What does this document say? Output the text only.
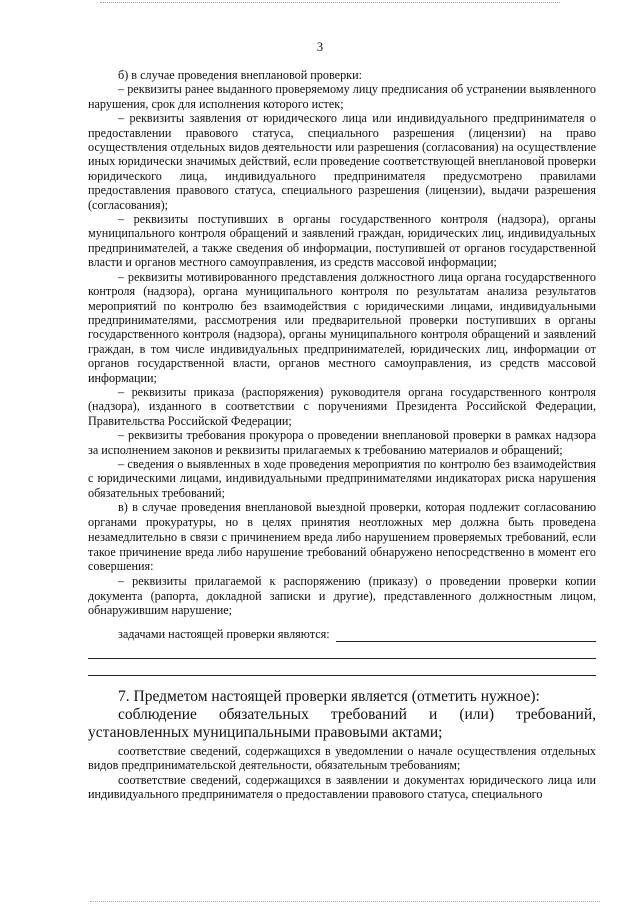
3

б) в случае проведения внеплановой проверки:

– реквизиты ранее выданного проверяемому лицу предписания об устранении выявленного нарушения, срок для исполнения которого истек;

– реквизиты заявления от юридического лица или индивидуального предпринимателя о предоставлении правового статуса, специального разрешения (лицензии) на право осуществления отдельных видов деятельности или разрешения (согласования) на осуществление иных юридически значимых действий, если проведение соответствующей внеплановой проверки юридического лица, индивидуального предпринимателя предусмотрено правилами предоставления правового статуса, специального разрешения (лицензии), выдачи разрешения (согласования);

– реквизиты поступивших в органы государственного контроля (надзора), органы муниципального контроля обращений и заявлений граждан, юридических лиц, индивидуальных предпринимателей, а также сведения об информации, поступившей от органов государственной власти и органов местного самоуправления, из средств массовой информации;

– реквизиты мотивированного представления должностного лица органа государственного контроля (надзора), органа муниципального контроля по результатам анализа результатов мероприятий по контролю без взаимодействия с юридическими лицами, индивидуальными предпринимателями, рассмотрения или предварительной проверки поступивших в органы государственного контроля (надзора), органы муниципального контроля обращений и заявлений граждан, в том числе индивидуальных предпринимателей, юридических лиц, информации от органов государственной власти, органов местного самоуправления, из средств массовой информации;

– реквизиты приказа (распоряжения) руководителя органа государственного контроля (надзора), изданного в соответствии с поручениями Президента Российской Федерации, Правительства Российской Федерации;

– реквизиты требования прокурора о проведении внеплановой проверки в рамках надзора за исполнением законов и реквизиты прилагаемых к требованию материалов и обращений;

– сведения о выявленных в ходе проведения мероприятия по контролю без взаимодействия с юридическими лицами, индивидуальными предпринимателями индикаторах риска нарушения обязательных требований;

в) в случае проведения внеплановой выездной проверки, которая подлежит согласованию органами прокуратуры, но в целях принятия неотложных мер должна быть проведена незамедлительно в связи с причинением вреда либо нарушением проверяемых требований, если такое причинение вреда либо нарушение требований обнаружено непосредственно в момент его совершения:

– реквизиты прилагаемой к распоряжению (приказу) о проведении проверки копии документа (рапорта, докладной записки и другие), представленного должностным лицом, обнаружившим нарушение;

задачами настоящей проверки являются:

7. Предметом настоящей проверки является (отметить нужное):

соблюдение обязательных требований и (или) требований, установленных муниципальными правовыми актами;

соответствие сведений, содержащихся в уведомлении о начале осуществления отдельных видов предпринимательской деятельности, обязательным требованиям;

соответствие сведений, содержащихся в заявлении и документах юридического лица или индивидуального предпринимателя о предоставлении правового статуса, специального
